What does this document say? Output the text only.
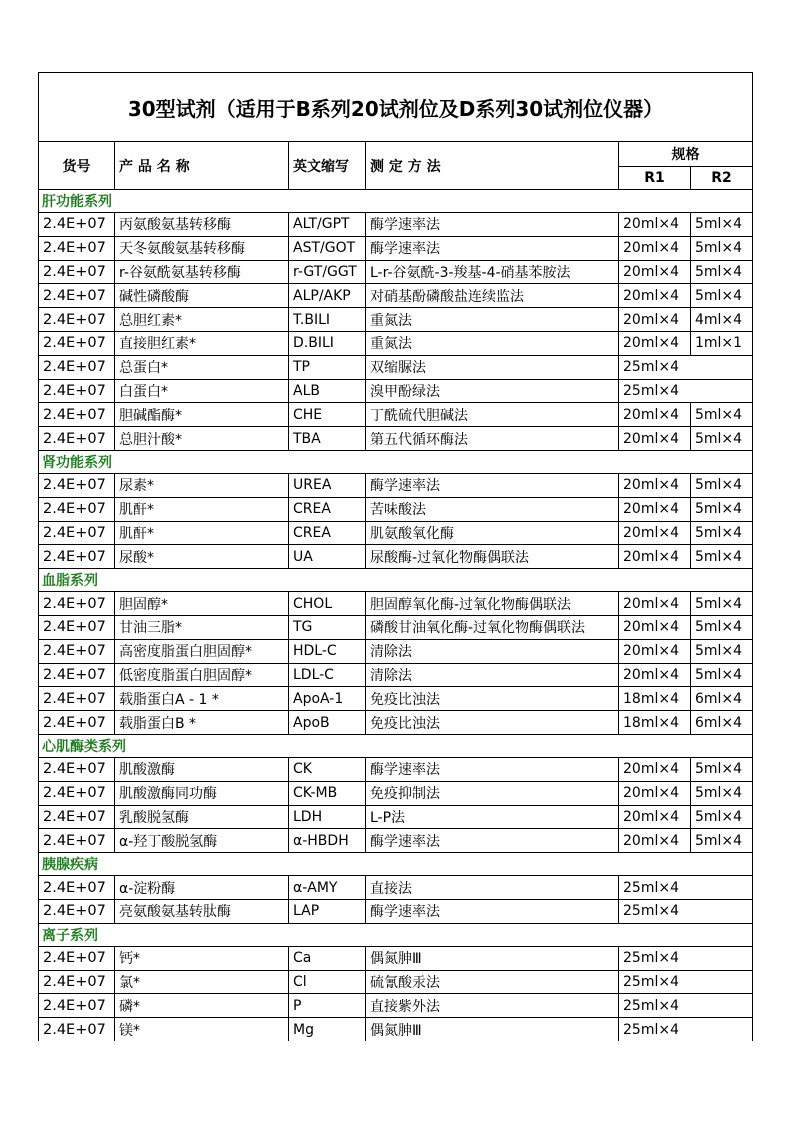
30型试剂（适用于B系列20试剂位及D系列30试剂位仪器）					
货号	产 品 名 称	英文缩写	测 定 方 法	规格	
				R1	R2
肝功能系列					
2.4E+07	丙氨酸氨基转移酶	ALT/GPT	酶学速率法	20ml×4	5ml×4
2.4E+07	天冬氨酸氨基转移酶	AST/GOT	酶学速率法	20ml×4	5ml×4
2.4E+07	r-谷氨酰氨基转移酶	r-GT/GGT	L-r-谷氨酰-3-羧基-4-硝基苯胺法	20ml×4	5ml×4
2.4E+07	碱性磷酸酶	ALP/AKP	对硝基酚磷酸盐连续监法	20ml×4	5ml×4
2.4E+07	总胆红素*	T.BILI	重氮法	20ml×4	4ml×4
2.4E+07	直接胆红素*	D.BILI	重氮法	20ml×4	1ml×1
2.4E+07	总蛋白*	TP	双缩脲法	25ml×4	
2.4E+07	白蛋白*	ALB	溴甲酚绿法	25ml×4	
2.4E+07	胆碱酯酶*	CHE	丁酰硫代胆碱法	20ml×4	5ml×4
2.4E+07	总胆汁酸*	TBA	第五代循环酶法	20ml×4	5ml×4
肾功能系列					
2.4E+07	尿素*	UREA	酶学速率法	20ml×4	5ml×4
2.4E+07	肌酐*	CREA	苦味酸法	20ml×4	5ml×4
2.4E+07	肌酐*	CREA	肌氨酸氧化酶	20ml×4	5ml×4
2.4E+07	尿酸*	UA	尿酸酶-过氧化物酶偶联法	20ml×4	5ml×4
血脂系列					
2.4E+07	胆固醇*	CHOL	胆固醇氧化酶-过氧化物酶偶联法	20ml×4	5ml×4
2.4E+07	甘油三脂*	TG	磷酸甘油氧化酶-过氧化物酶偶联法	20ml×4	5ml×4
2.4E+07	高密度脂蛋白胆固醇*	HDL-C	清除法	20ml×4	5ml×4
2.4E+07	低密度脂蛋白胆固醇*	LDL-C	清除法	20ml×4	5ml×4
2.4E+07	载脂蛋白A - 1 *	ApoA-1	免疫比浊法	18ml×4	6ml×4
2.4E+07	载脂蛋白B *	ApoB	免疫比浊法	18ml×4	6ml×4
心肌酶类系列					
2.4E+07	肌酸激酶	CK	酶学速率法	20ml×4	5ml×4
2.4E+07	肌酸激酶同功酶	CK-MB	免疫抑制法	20ml×4	5ml×4
2.4E+07	乳酸脱氢酶	LDH	L-P法	20ml×4	5ml×4
2.4E+07	α-羟丁酸脱氢酶	α-HBDH	酶学速率法	20ml×4	5ml×4
胰腺疾病					
2.4E+07	α-淀粉酶	α-AMY	直接法	25ml×4	
2.4E+07	亮氨酸氨基转肽酶	LAP	酶学速率法	25ml×4	
离子系列					
2.4E+07	钙*	Ca	偶氮胂Ⅲ	25ml×4	
2.4E+07	氯*	Cl	硫氰酸汞法	25ml×4	
2.4E+07	磷*	P	直接紫外法	25ml×4	
2.4E+07	镁*	Mg	偶氮胂Ⅲ	25ml×4	
